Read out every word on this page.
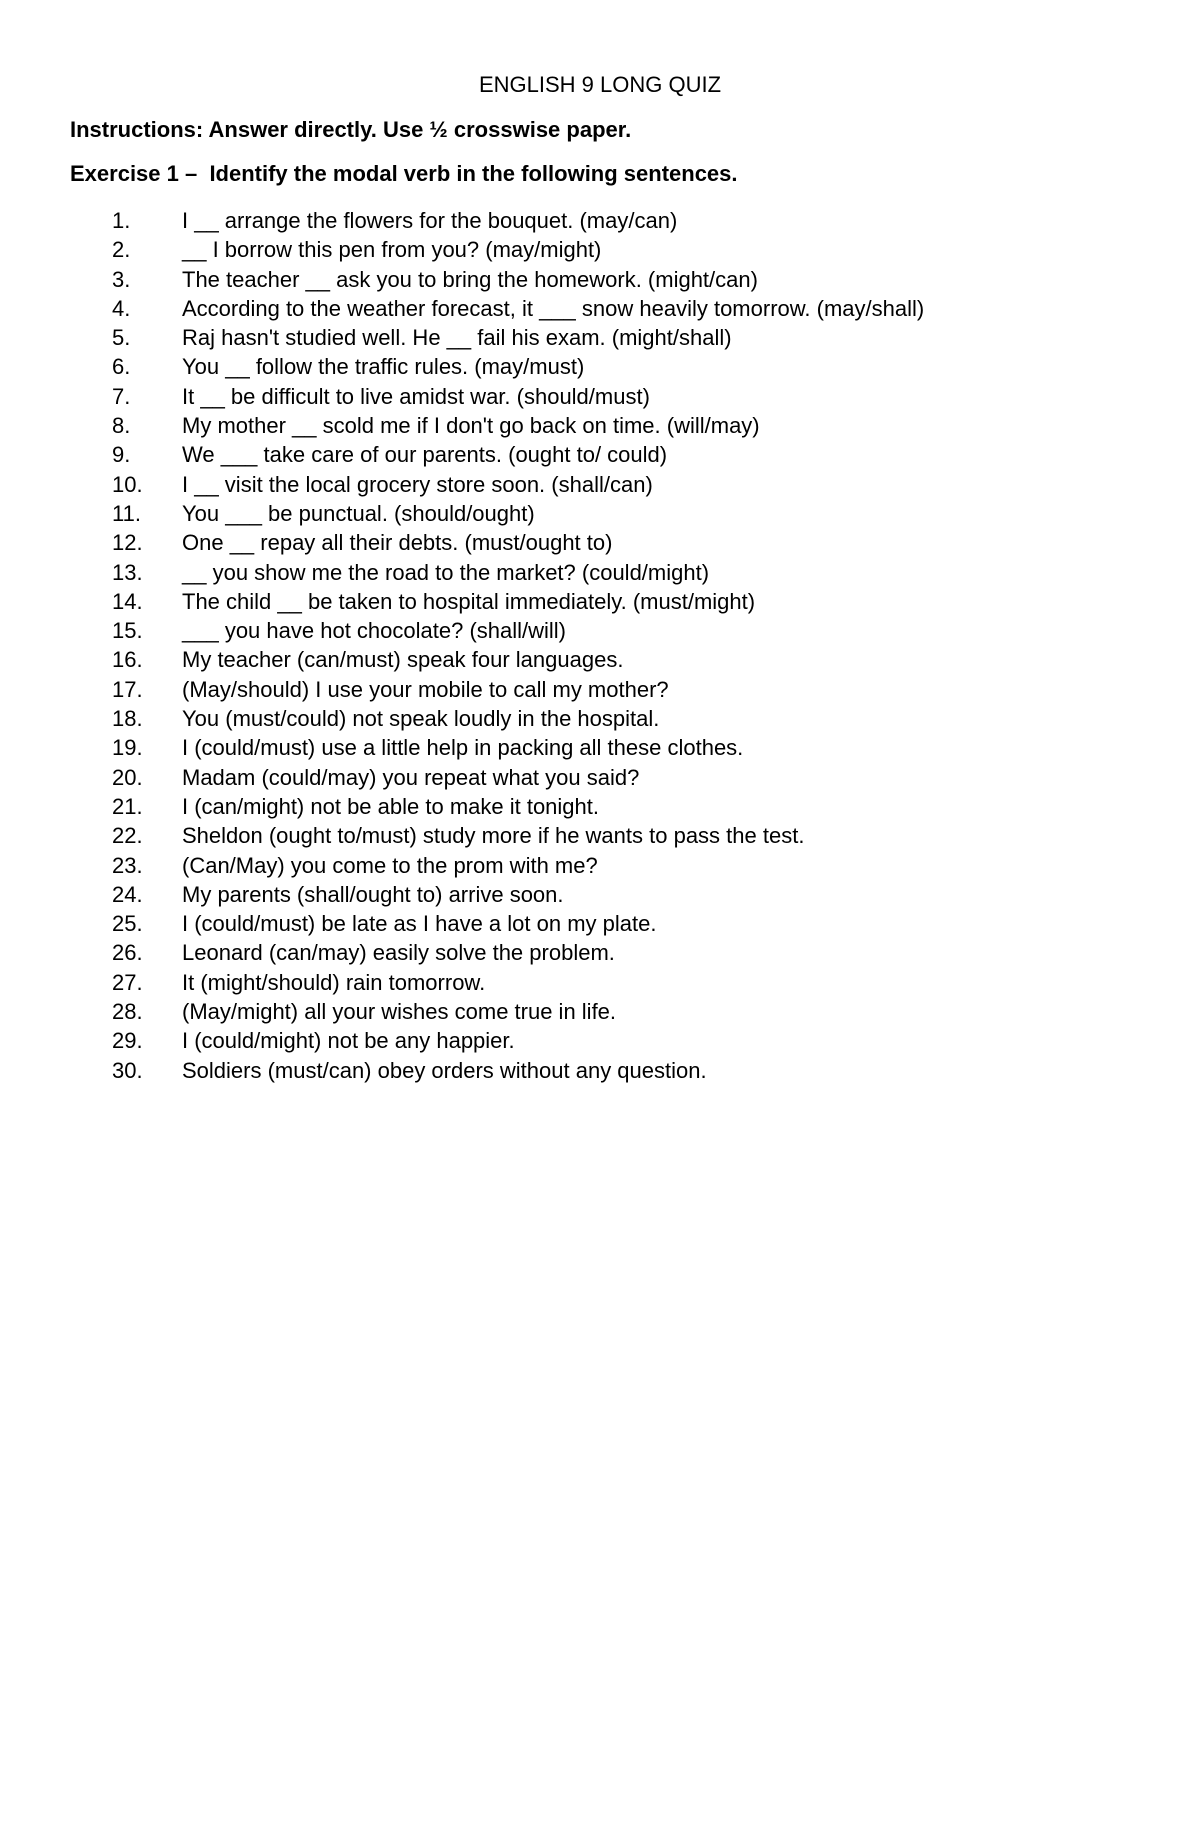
ENGLISH 9 LONG QUIZ

Instructions: Answer directly. Use ½ crosswise paper.

Exercise 1 –  Identify the modal verb in the following sentences.

1. I __ arrange the flowers for the bouquet. (may/can)
2. __ I borrow this pen from you? (may/might)
3. The teacher __ ask you to bring the homework. (might/can)
4. According to the weather forecast, it ___ snow heavily tomorrow. (may/shall)
5. Raj hasn't studied well. He __ fail his exam. (might/shall)
6. You __ follow the traffic rules. (may/must)
7. It __ be difficult to live amidst war. (should/must)
8. My mother __ scold me if I don't go back on time. (will/may)
9. We ___ take care of our parents. (ought to/ could)
10. I __ visit the local grocery store soon. (shall/can)
11. You ___ be punctual. (should/ought)
12. One __ repay all their debts. (must/ought to)
13. __ you show me the road to the market? (could/might)
14. The child __ be taken to hospital immediately. (must/might)
15. ___ you have hot chocolate? (shall/will)
16. My teacher (can/must) speak four languages.
17. (May/should) I use your mobile to call my mother?
18. You (must/could) not speak loudly in the hospital.
19. I (could/must) use a little help in packing all these clothes.
20. Madam (could/may) you repeat what you said?
21. I (can/might) not be able to make it tonight.
22. Sheldon (ought to/must) study more if he wants to pass the test.
23. (Can/May) you come to the prom with me?
24. My parents (shall/ought to) arrive soon.
25. I (could/must) be late as I have a lot on my plate.
26. Leonard (can/may) easily solve the problem.
27. It (might/should) rain tomorrow.
28. (May/might) all your wishes come true in life.
29. I (could/might) not be any happier.
30. Soldiers (must/can) obey orders without any question.
